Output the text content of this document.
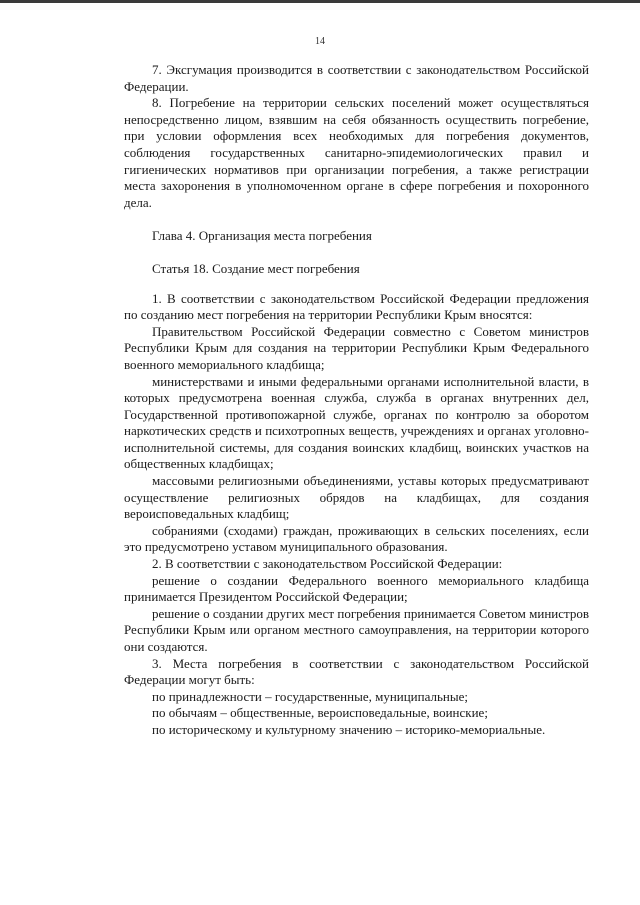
14

7. Эксгумация производится в соответствии с законодательством Российской Федерации.

8. Погребение на территории сельских поселений может осуществляться непосредственно лицом, взявшим на себя обязанность осуществить погребение, при условии оформления всех необходимых для погребения документов, соблюдения государственных санитарно-эпидемиологических правил и гигиенических нормативов при организации погребения, а также регистрации места захоронения в уполномоченном органе в сфере погребения и похоронного дела.

Глава 4. Организация места погребения

Статья 18. Создание мест погребения

1. В соответствии с законодательством Российской Федерации предложения по созданию мест погребения на территории Республики Крым вносятся:

Правительством Российской Федерации совместно с Советом министров Республики Крым для создания на территории Республики Крым Федерального военного мемориального кладбища;

министерствами и иными федеральными органами исполнительной власти, в которых предусмотрена военная служба, служба в органах внутренних дел, Государственной противопожарной службе, органах по контролю за оборотом наркотических средств и психотропных веществ, учреждениях и органах уголовно-исполнительной системы, для создания воинских кладбищ, воинских участков на общественных кладбищах;

массовыми религиозными объединениями, уставы которых предусматривают осуществление религиозных обрядов на кладбищах, для создания вероисповедальных кладбищ;

собраниями (сходами) граждан, проживающих в сельских поселениях, если это предусмотрено уставом муниципального образования.

2. В соответствии с законодательством Российской Федерации:

решение о создании Федерального военного мемориального кладбища принимается Президентом Российской Федерации;

решение о создании других мест погребения принимается Советом министров Республики Крым или органом местного самоуправления, на территории которого они создаются.

3. Места погребения в соответствии с законодательством Российской Федерации могут быть:

по принадлежности – государственные, муниципальные;

по обычаям – общественные, вероисповедальные, воинские;

по историческому и культурному значению – историко-мемориальные.
